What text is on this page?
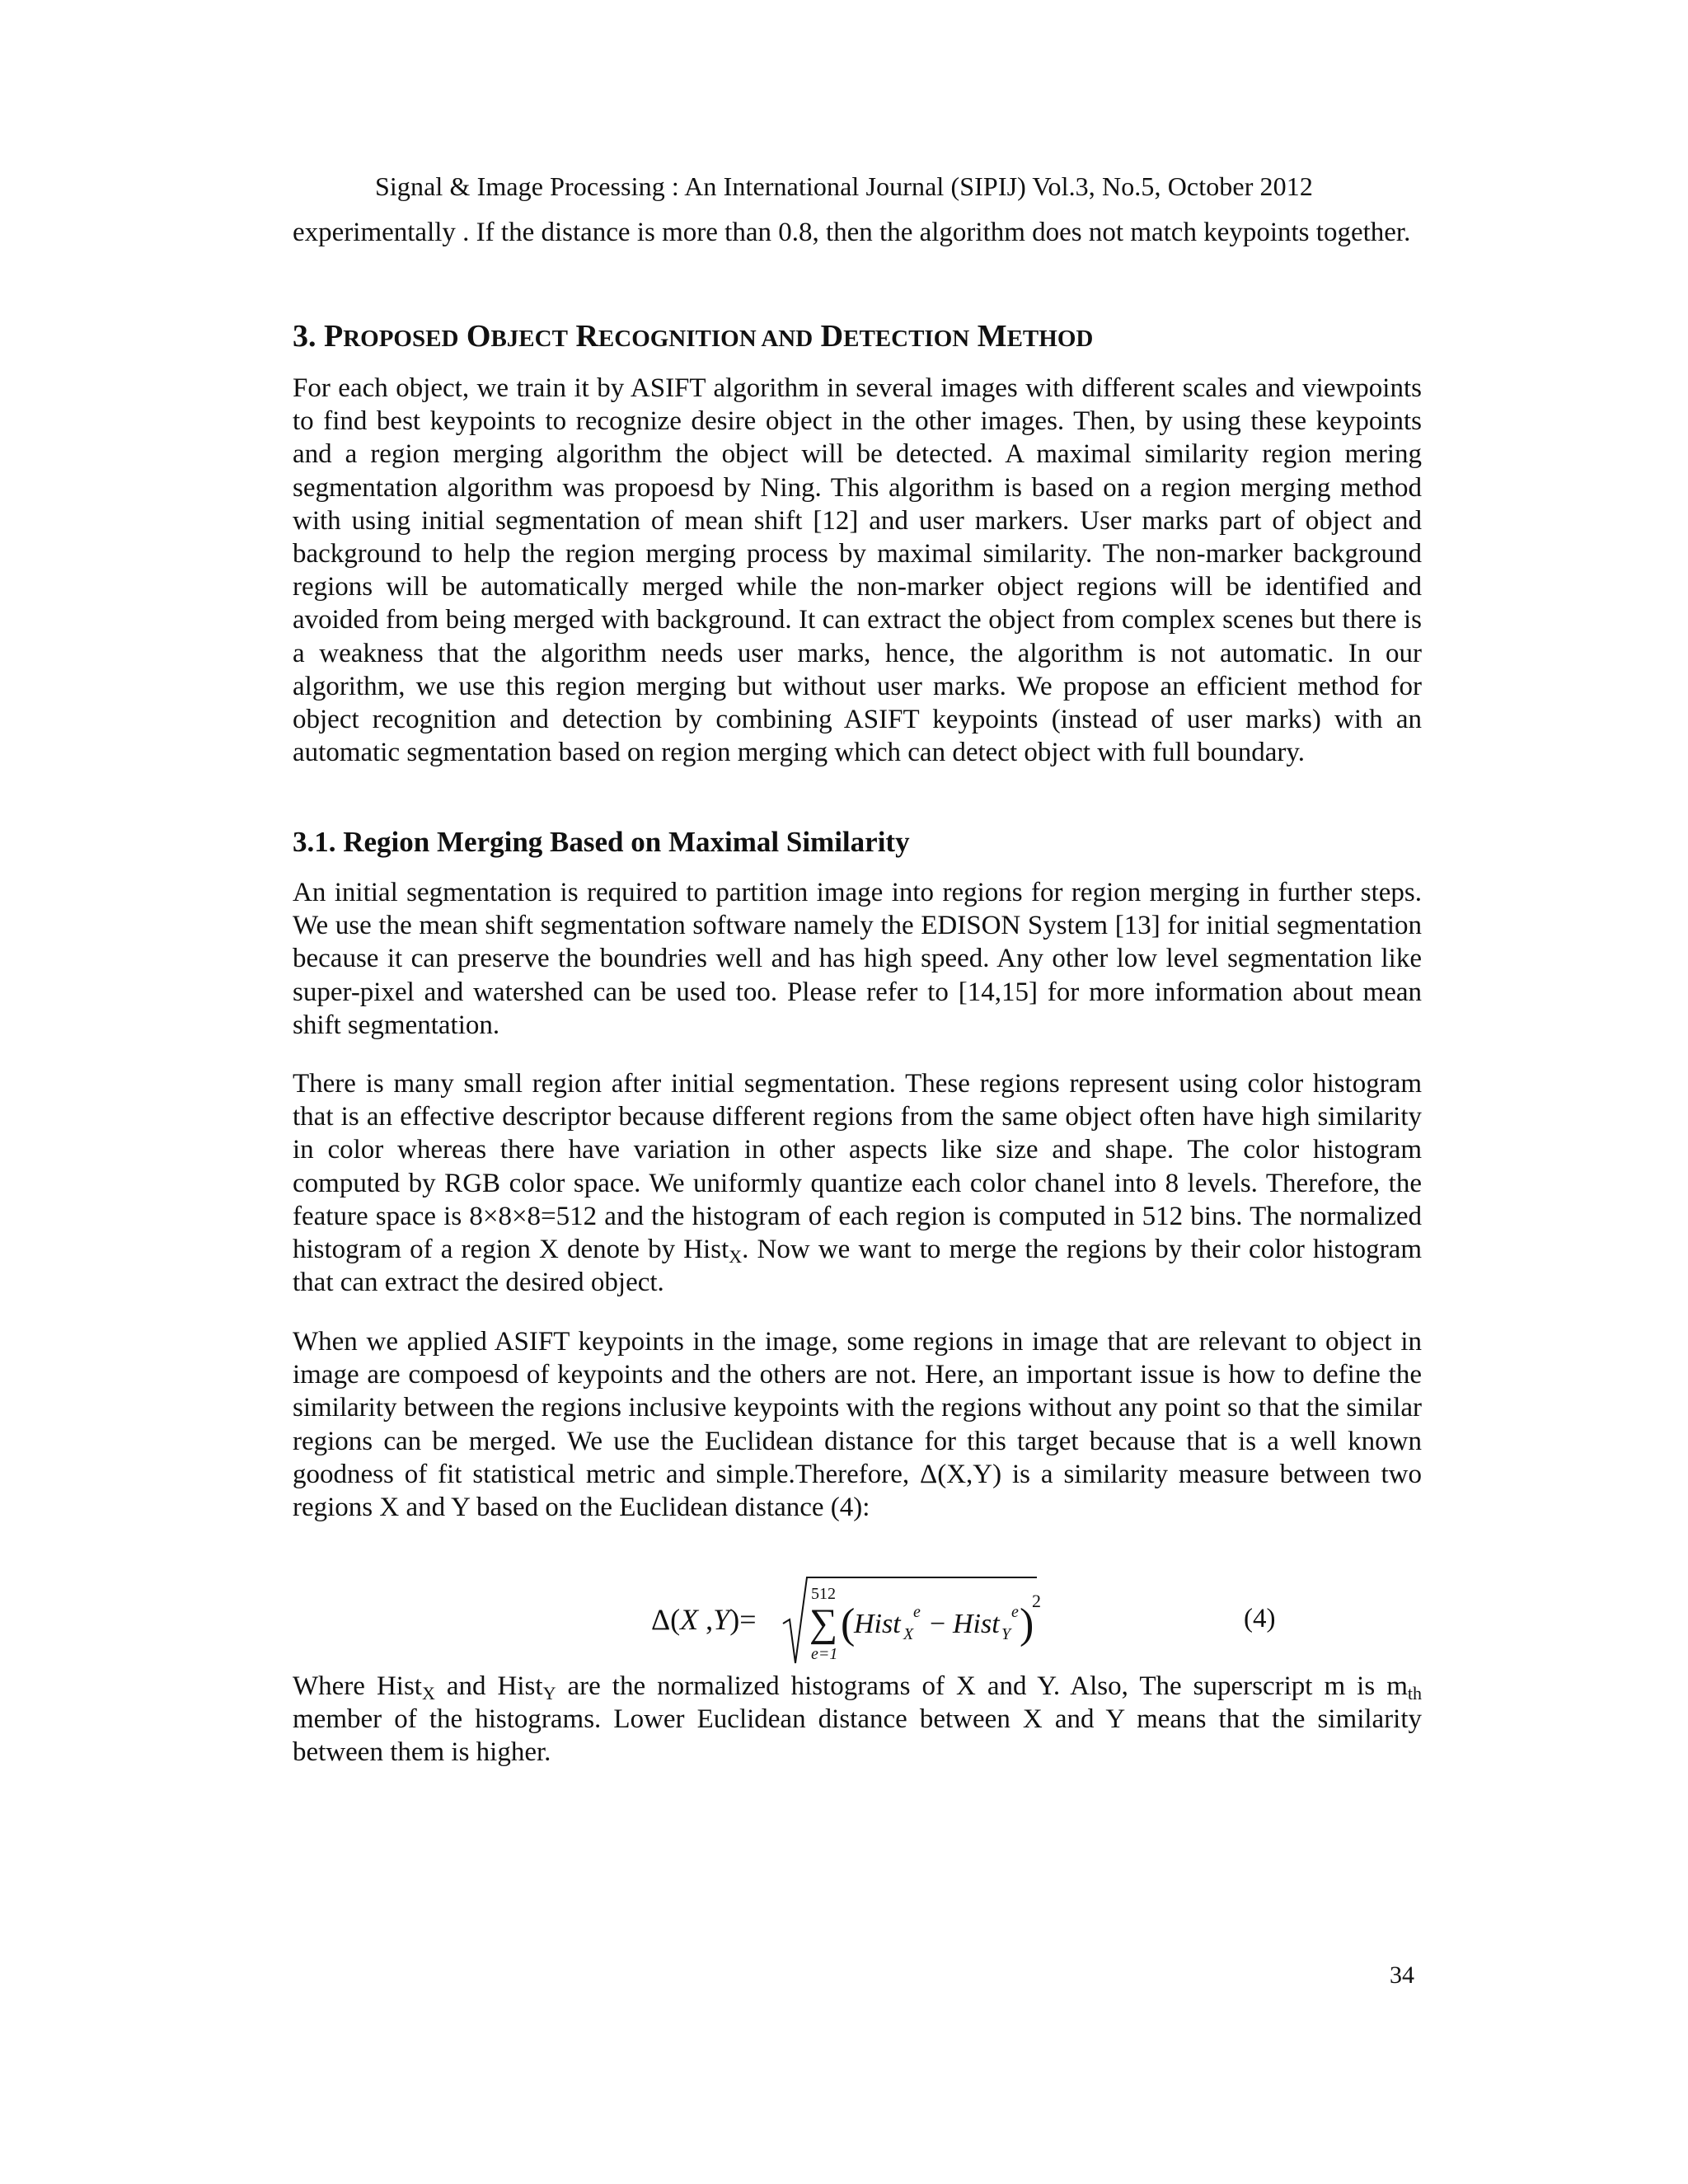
Signal & Image Processing : An International Journal (SIPIJ) Vol.3, No.5, October 2012

experimentally . If the distance is more than 0.8, then the algorithm does not match keypoints together.

3. PROPOSED OBJECT RECOGNITION AND DETECTION METHOD

For each object, we train it by ASIFT algorithm in several images with different scales and viewpoints to find best keypoints to recognize desire object in the other images. Then, by using these keypoints and a region merging algorithm the object will be detected. A maximal similarity region mering segmentation algorithm was propoesd by Ning. This algorithm is based on a region merging method with using initial segmentation of mean shift [12] and user markers. User marks part of object and background to help the region merging process by maximal similarity. The non-marker background regions will be automatically merged while the non-marker object regions will be identified and avoided from being merged with background. It can extract the object from complex scenes but there is a weakness that the algorithm needs user marks, hence, the algorithm is not automatic. In our algorithm, we use this region merging but without user marks. We propose an efficient method for object recognition and detection by combining ASIFT keypoints (instead of user marks) with an automatic segmentation based on region merging which can detect object with full boundary.

3.1. Region Merging Based on Maximal Similarity

An initial segmentation is required to partition image into regions for region merging in further steps. We use the mean shift segmentation software namely the EDISON System [13] for initial segmentation because it can preserve the boundries well and has high speed. Any other low level segmentation like super-pixel and watershed can be used too. Please refer to [14,15] for more information about mean shift segmentation.

There is many small region after initial segmentation. These regions represent using color histogram that is an effective descriptor because different regions from the same object often have high similarity in color whereas there have variation in other aspects like size and shape. The color histogram computed by RGB color space. We uniformly quantize each color chanel into 8 levels. Therefore, the feature space is 8×8×8=512 and the histogram of each region is computed in 512 bins. The normalized histogram of a region X denote by Hist$_X$. Now we want to merge the regions by their color histogram that can extract the desired object.

When we applied ASIFT keypoints in the image, some regions in image that are relevant to object in image are compoesd of keypoints and the others are not. Here, an important issue is how to define the similarity between the regions inclusive keypoints with the regions without any point so that the similar regions can be merged. We use the Euclidean distance for this target because that is a well known goodness of fit statistical metric and simple.Therefore, Δ(X,Y) is a similarity measure between two regions X and Y based on the Euclidean distance (4):

Δ(X ,Y)=
512
∑
e=1
(
Hist X
e − Hist Y
e )
2
(4)

Where Hist$_X$ and Hist$_Y$ are the normalized histograms of X and Y. Also, The superscript m is $m_{th}$ member of the histograms. Lower Euclidean distance between X and Y means that the similarity between them is higher.

34
